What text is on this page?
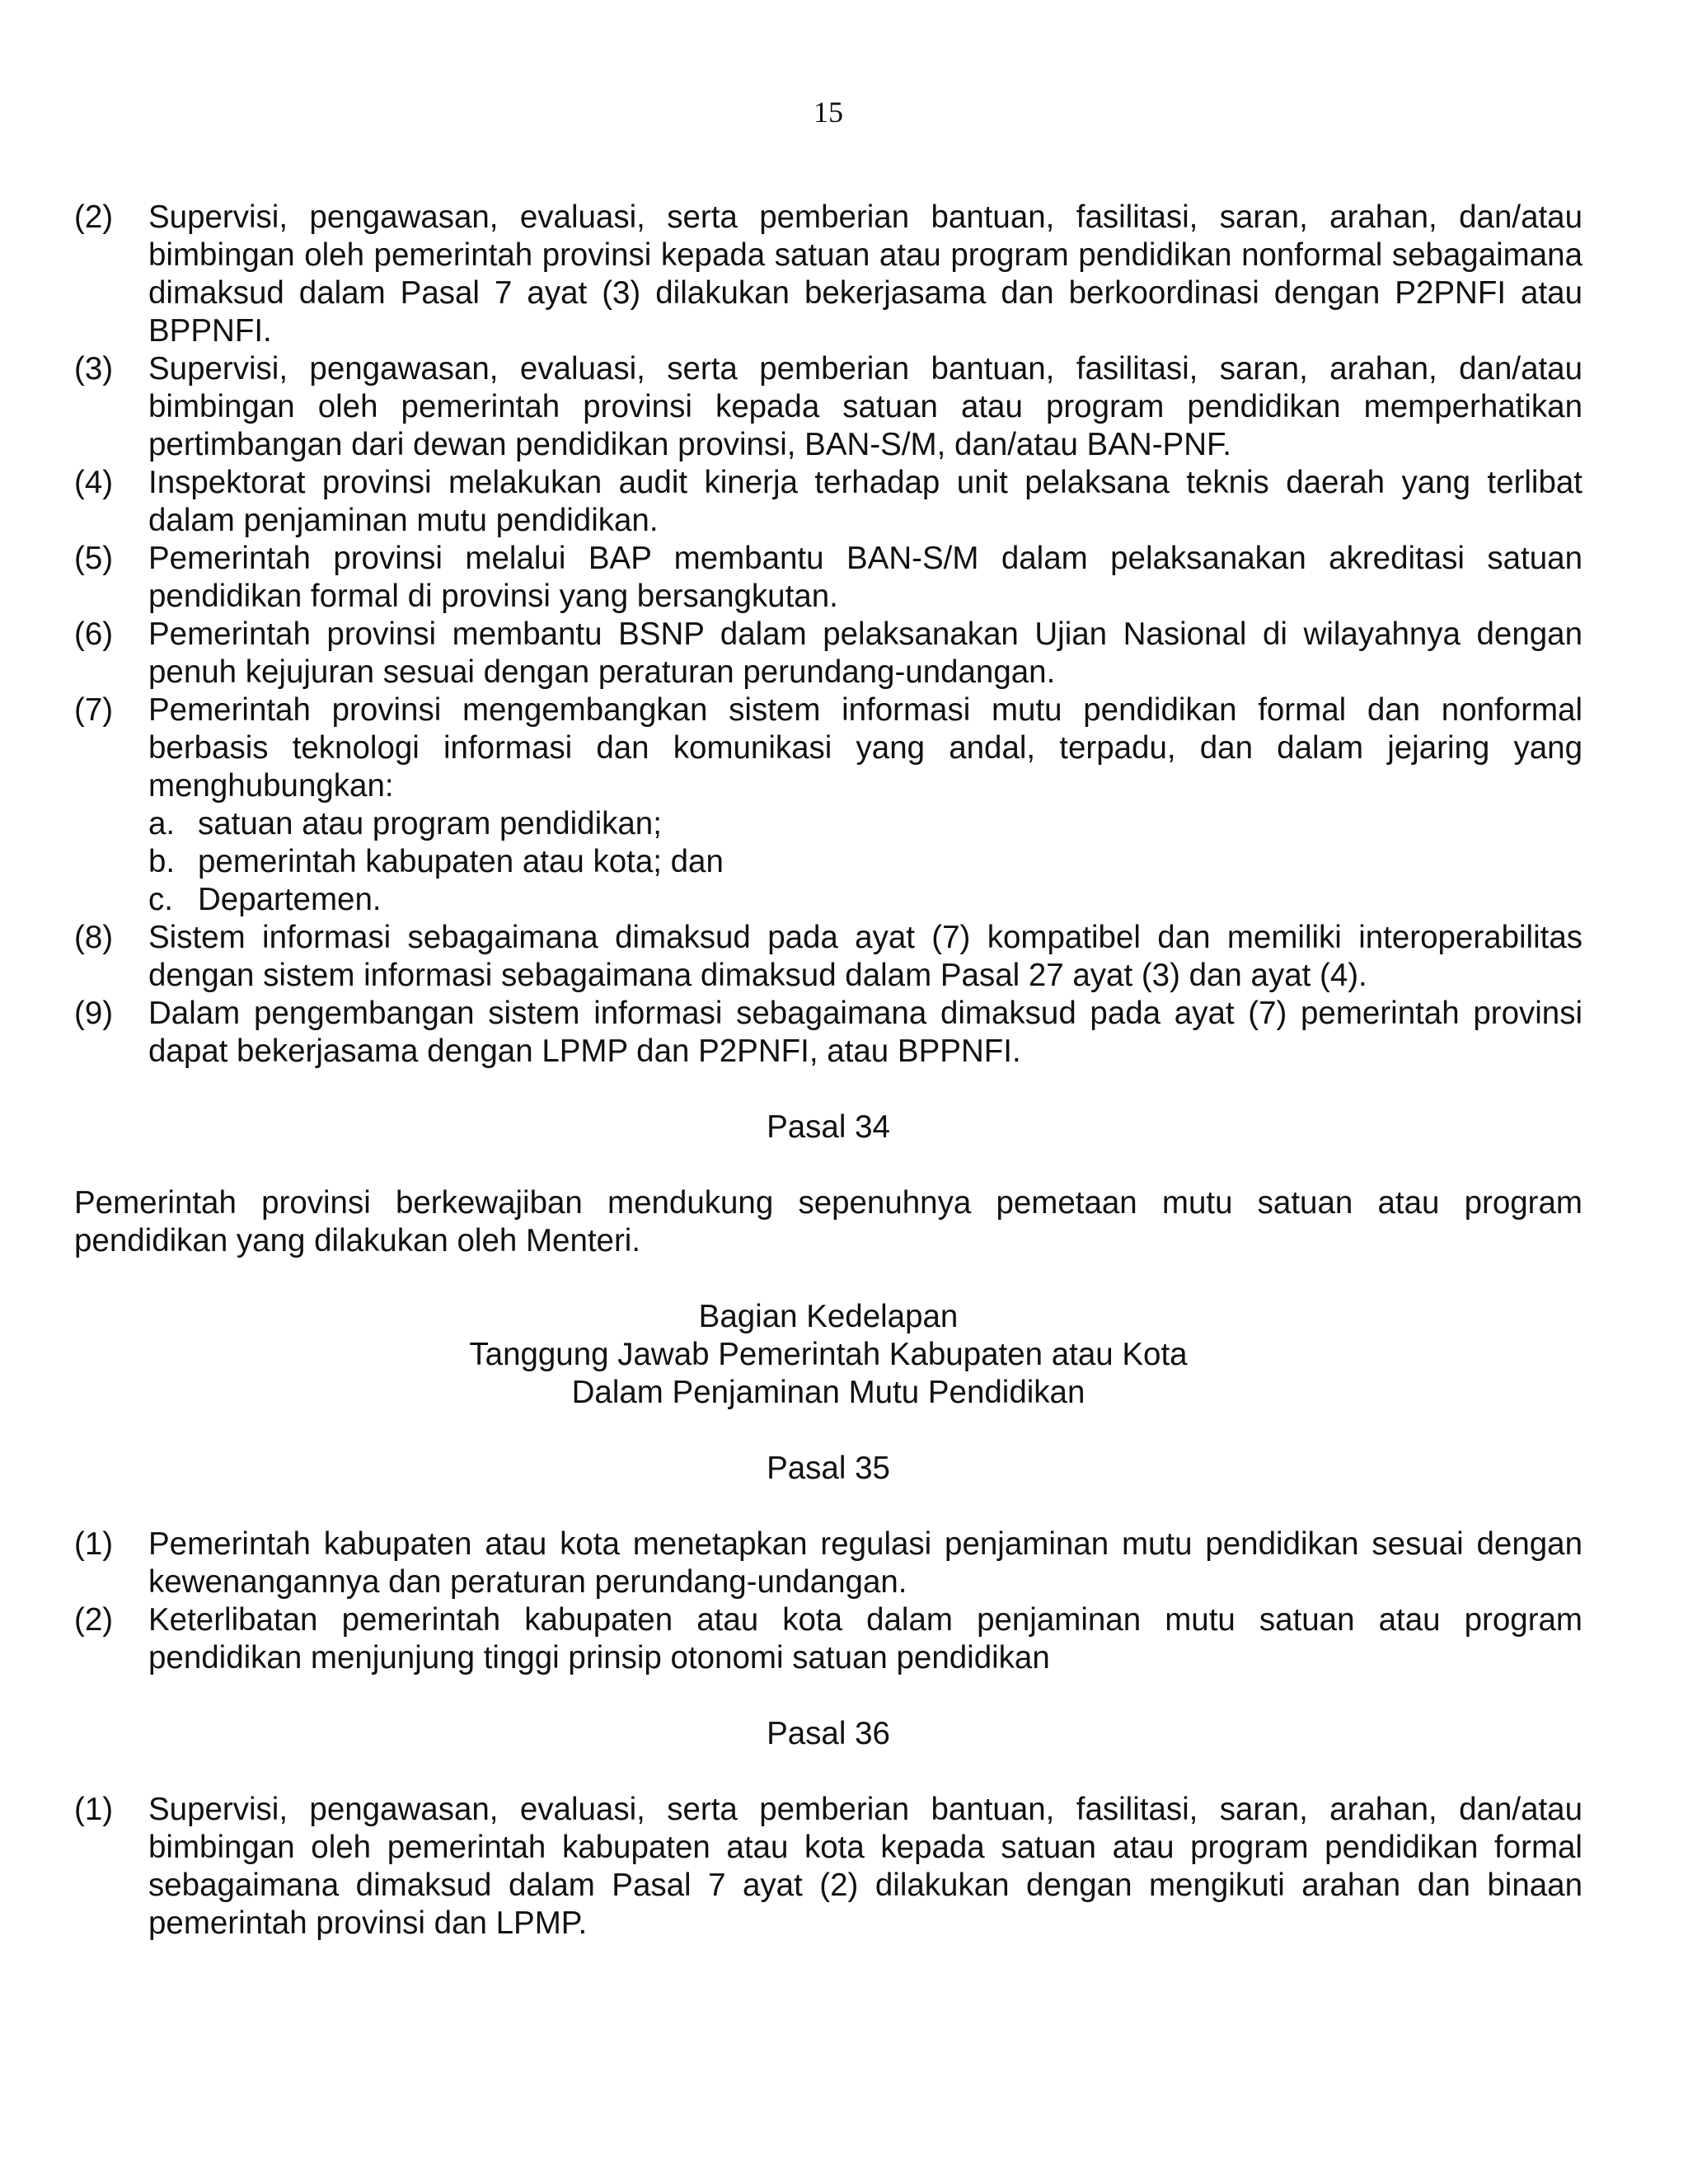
15
(2)	Supervisi, pengawasan, evaluasi, serta pemberian bantuan, fasilitasi, saran, arahan, dan/atau bimbingan oleh pemerintah provinsi kepada satuan atau program pendidikan nonformal sebagaimana dimaksud dalam Pasal 7 ayat (3) dilakukan bekerjasama dan berkoordinasi dengan P2PNFI atau BPPNFI.
(3)	Supervisi, pengawasan, evaluasi, serta pemberian bantuan, fasilitasi, saran, arahan, dan/atau bimbingan oleh pemerintah provinsi kepada satuan atau program pendidikan memperhatikan pertimbangan dari dewan pendidikan provinsi, BAN-S/M, dan/atau BAN-PNF.
(4)	Inspektorat provinsi melakukan audit kinerja terhadap unit pelaksana teknis daerah yang terlibat dalam penjaminan mutu pendidikan.
(5)	Pemerintah provinsi melalui BAP membantu BAN-S/M dalam pelaksanakan akreditasi satuan pendidikan formal di provinsi yang bersangkutan.
(6)	Pemerintah provinsi membantu BSNP dalam pelaksanakan Ujian Nasional di wilayahnya dengan penuh kejujuran sesuai dengan peraturan perundang-undangan.
(7)	Pemerintah provinsi mengembangkan sistem informasi mutu pendidikan formal dan nonformal berbasis teknologi informasi dan komunikasi yang andal, terpadu, dan dalam jejaring yang menghubungkan:
a. satuan atau program pendidikan;
b. pemerintah kabupaten atau kota; dan
c. Departemen.
(8)	Sistem informasi sebagaimana dimaksud pada ayat (7) kompatibel dan memiliki interoperabilitas dengan sistem informasi sebagaimana dimaksud dalam Pasal 27 ayat (3) dan ayat (4).
(9)	Dalam pengembangan sistem informasi sebagaimana dimaksud pada ayat (7) pemerintah provinsi dapat bekerjasama dengan LPMP dan P2PNFI, atau BPPNFI.
Pasal 34
Pemerintah provinsi berkewajiban mendukung sepenuhnya pemetaan mutu satuan atau program pendidikan yang dilakukan oleh Menteri.
Bagian Kedelapan
Tanggung Jawab Pemerintah Kabupaten atau Kota
Dalam Penjaminan Mutu Pendidikan
Pasal 35
(1)	Pemerintah kabupaten atau kota menetapkan regulasi penjaminan mutu pendidikan sesuai dengan kewenangannya dan peraturan perundang-undangan.
(2)	Keterlibatan pemerintah kabupaten atau kota dalam penjaminan mutu satuan atau program pendidikan menjunjung tinggi prinsip otonomi satuan pendidikan
Pasal 36
(1)	Supervisi, pengawasan, evaluasi, serta pemberian bantuan, fasilitasi, saran, arahan, dan/atau bimbingan oleh pemerintah kabupaten atau kota kepada satuan atau program pendidikan formal sebagaimana dimaksud dalam Pasal 7 ayat (2) dilakukan dengan mengikuti arahan dan binaan pemerintah provinsi dan LPMP.
